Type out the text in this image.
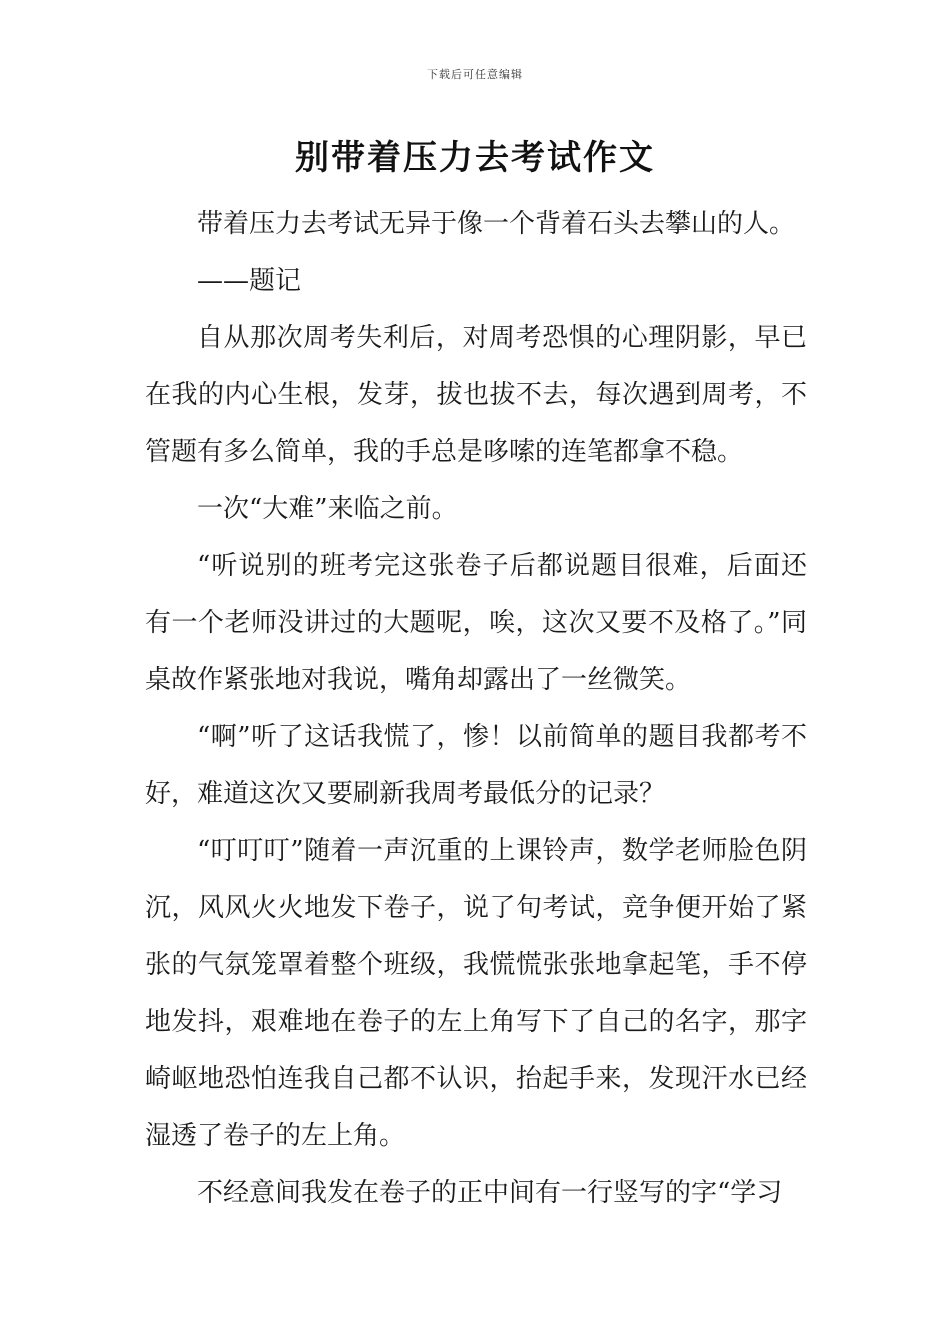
下载后可任意编辑
别带着压力去考试作文

带着压力去考试无异于像一个背着石头去攀山的人。

——题记

自从那次周考失利后，对周考恐惧的心理阴影，早已在我的内心生根，发芽，拔也拔不去，每次遇到周考，不管题有多么简单，我的手总是哆嗦的连笔都拿不稳。

一次“大难”来临之前。

“听说别的班考完这张卷子后都说题目很难，后面还有一个老师没讲过的大题呢，唉，这次又要不及格了。”同桌故作紧张地对我说，嘴角却露出了一丝微笑。

“啊”听了这话我慌了，惨！以前简单的题目我都考不好，难道这次又要刷新我周考最低分的记录？

“叮叮叮”随着一声沉重的上课铃声，数学老师脸色阴沉，风风火火地发下卷子，说了句考试，竞争便开始了紧张的气氛笼罩着整个班级，我慌慌张张地拿起笔，手不停地发抖，艰难地在卷子的左上角写下了自己的名字，那字崎岖地恐怕连我自己都不认识，抬起手来，发现汗水已经湿透了卷子的左上角。

不经意间我发在卷子的正中间有一行竖写的字“学习
